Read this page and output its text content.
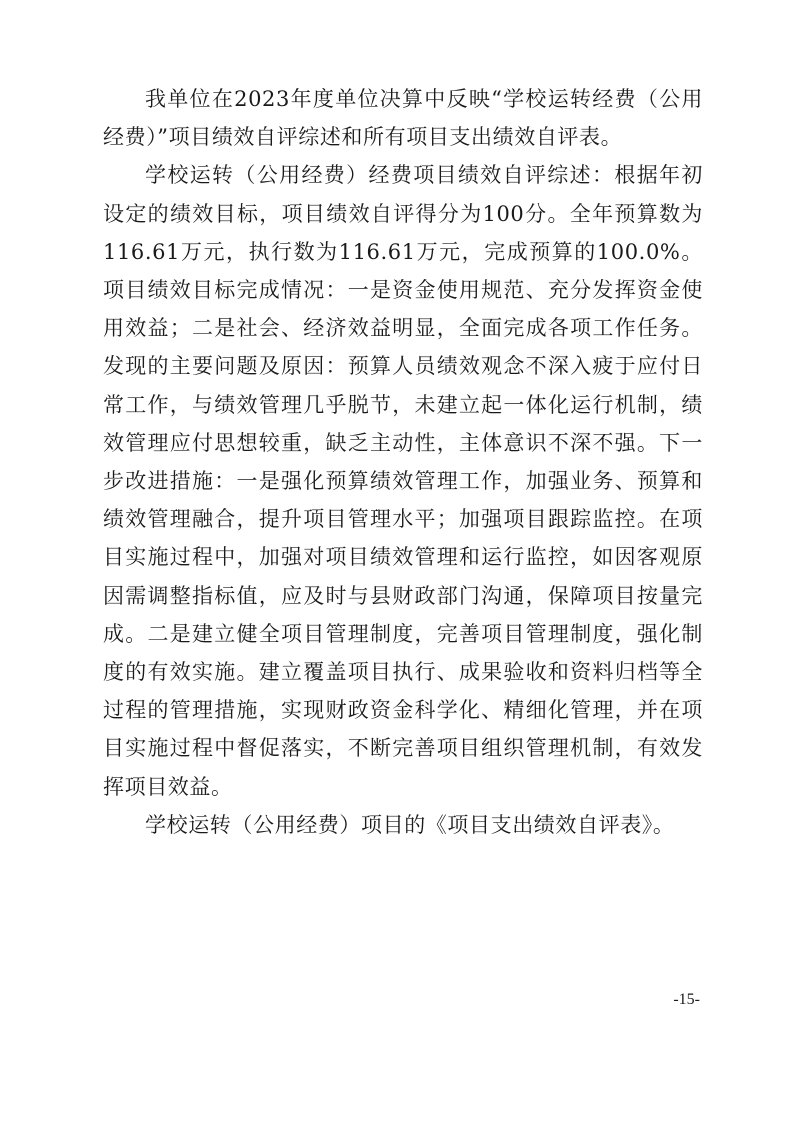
我单位在2023年度单位决算中反映“学校运转经费（公用经费）”项目绩效自评综述和所有项目支出绩效自评表。

学校运转（公用经费）经费项目绩效自评综述：根据年初设定的绩效目标，项目绩效自评得分为100分。全年预算数为116.61万元，执行数为116.61万元，完成预算的100.0%。项目绩效目标完成情况：一是资金使用规范、充分发挥资金使用效益；二是社会、经济效益明显，全面完成各项工作任务。发现的主要问题及原因：预算人员绩效观念不深入疲于应付日常工作，与绩效管理几乎脱节，未建立起一体化运行机制，绩效管理应付思想较重，缺乏主动性，主体意识不深不强。下一步改进措施：一是强化预算绩效管理工作，加强业务、预算和绩效管理融合，提升项目管理水平；加强项目跟踪监控。在项目实施过程中，加强对项目绩效管理和运行监控，如因客观原因需调整指标值，应及时与县财政部门沟通，保障项目按量完成。二是建立健全项目管理制度，完善项目管理制度，强化制度的有效实施。建立覆盖项目执行、成果验收和资料归档等全过程的管理措施，实现财政资金科学化、精细化管理，并在项目实施过程中督促落实，不断完善项目组织管理机制，有效发挥项目效益。

学校运转（公用经费）项目的《项目支出绩效自评表》。

-15-
